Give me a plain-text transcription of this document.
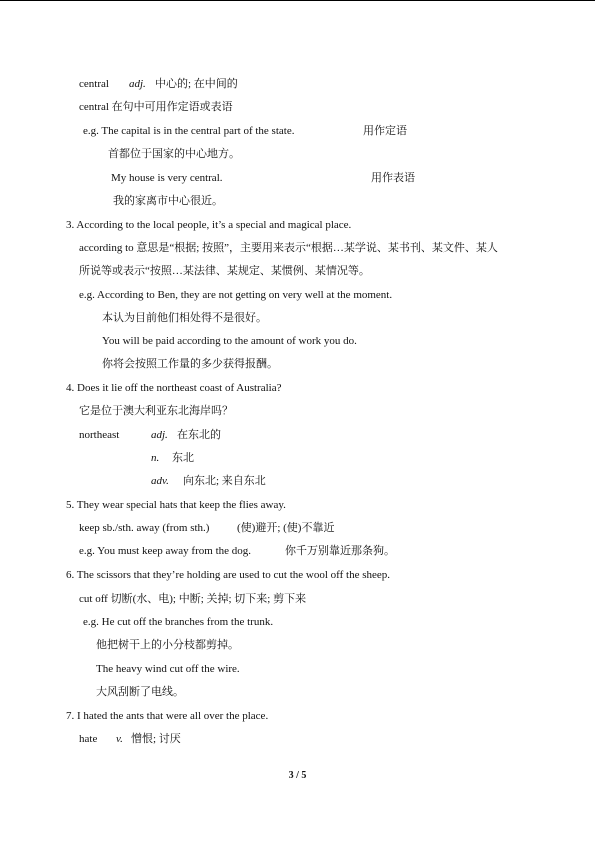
central adj. 中心的; 在中间的
central 在句中可用作定语或表语
e.g. The capital is in the central part of the state.	用作定语
首都位于国家的中心地方。
My house is very central.	用作表语
我的家离市中心很近。
3. According to the local people, it’s a special and magical place.
according to 意思是“根据; 按照”，主要用来表示“根据…某学说、某书刊、某文件、某人
所说等或表示“按照…某法律、某规定、某惯例、某情况等。
e.g. According to Ben, they are not getting on very well at the moment.
本认为目前他们相处得不是很好。
You will be paid according to the amount of work you do.
你将会按照工作量的多少获得报酬。
4. Does it lie off the northeast coast of Australia?
它是位于澳大利亚东北海岸吗？
northeast	adj. 在东北的
n. 东北
adv. 向东北; 来自东北
5. They wear special hats that keep the flies away.
keep sb./sth. away (from sth.)	(使)避开; (使)不靠近
e.g. You must keep away from the dog.	你千万别靠近那条狗。
6. The scissors that they’re holding are used to cut the wool off the sheep.
cut off 切断(水、电); 中断; 关掉; 切下来; 剪下来
e.g. He cut off the branches from the trunk.
他把树干上的小分枝都剪掉。
The heavy wind cut off the wire.
大风刮断了电线。
7. I hated the ants that were all over the place.
hate v. 憎恨; 讨厌
3 / 5
